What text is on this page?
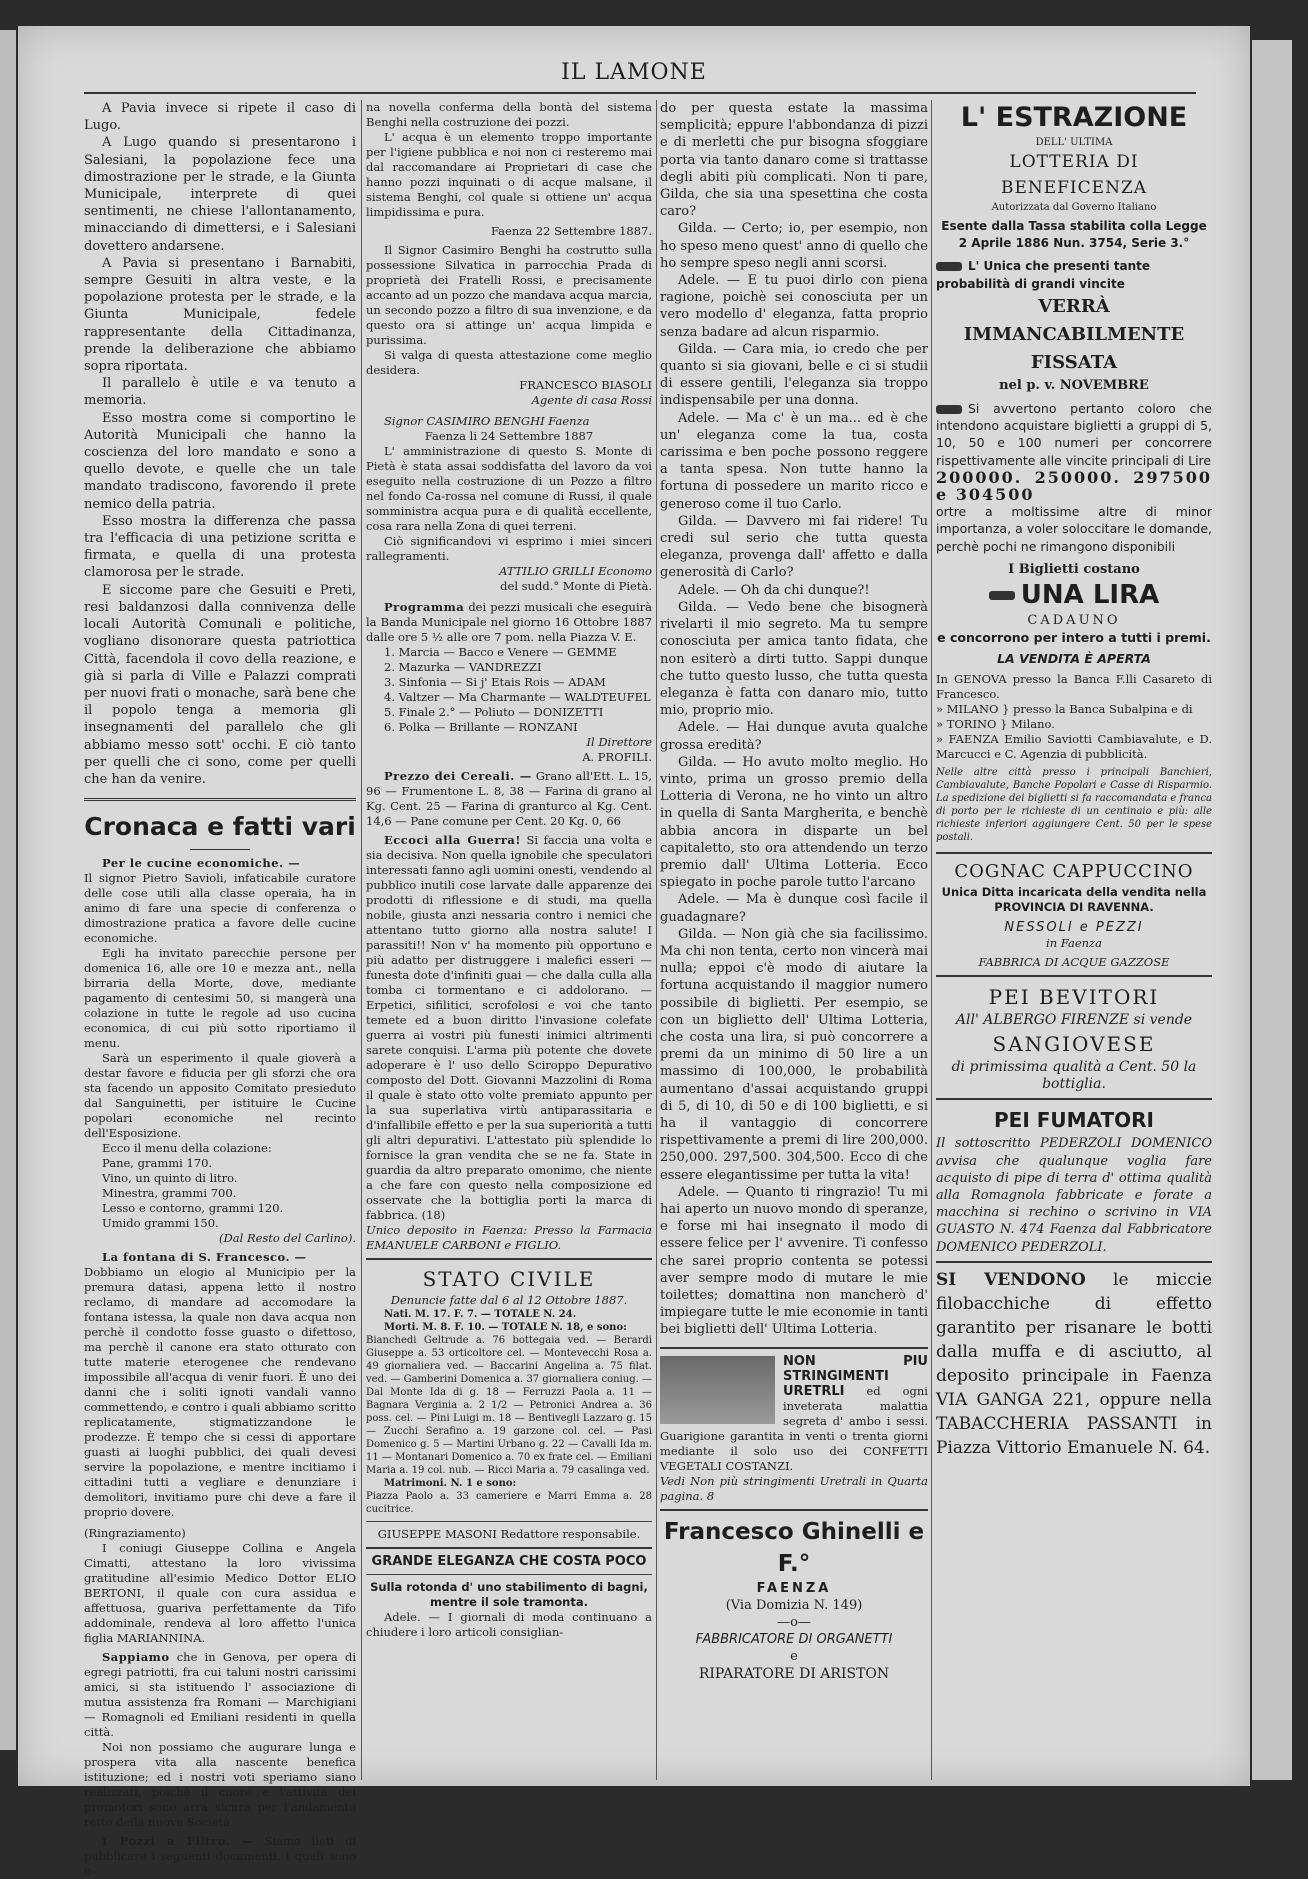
IL LAMONE

A Pavia invece si ripete il caso di Lugo.

A Lugo quando si presentarono i Salesiani, la popolazione fece una dimostrazione per le strade, e la Giunta Municipale, interprete di quei sentimenti, ne chiese l'allontanamento, minacciando di dimettersi, e i Salesiani dovettero andarsene.

A Pavia si presentano i Barnabiti, sempre Gesuiti in altra veste, e la popolazione protesta per le strade, e la Giunta Municipale, fedele rappresentante della Cittadinanza, prende la deliberazione che abbiamo sopra riportata.

Il parallelo è utile e va tenuto a memoria.

Esso mostra come si comportino le Autorità Municipali che hanno la coscienza del loro mandato e sono a quello devote, e quelle che un tale mandato tradiscono, favorendo il prete nemico della patria.

Esso mostra la differenza che passa tra l'efficacia di una petizione scritta e firmata, e quella di una protesta clamorosa per le strade.

E siccome pare che Gesuiti e Preti, resi baldanzosi dalla connivenza delle locali Autorità Comunali e politiche, vogliano disonorare questa patriottica Città, facendola il covo della reazione, e già si parla di Ville e Palazzi comprati per nuovi frati o monache, sarà bene che il popolo tenga a memoria gli insegnamenti del parallelo che gli abbiamo messo sott' occhi. E ciò tanto per quelli che ci sono, come per quelli che han da venire.

Cronaca e fatti vari

Per le cucine economiche. —

Il signor Pietro Savioli, infaticabile curatore delle cose utili alla classe operaia, ha in animo di fare una specie di conferenza o dimostrazione pratica a favore delle cucine economiche.

Egli ha invitato parecchie persone per domenica 16, alle ore 10 e mezza ant., nella birraria della Morte, dove, mediante pagamento di centesimi 50, si mangerà una colazione in tutte le regole ad uso cucina economica, di cui più sotto riportiamo il menu.

Sarà un esperimento il quale gioverà a destar favore e fiducia per gli sforzi che ora sta facendo un apposito Comitato presieduto dal Sanguinetti, per istituire le Cucine popolari economiche nel recinto dell'Esposizione.

Ecco il menu della colazione:

Pane, grammi 170.

Vino, un quinto di litro.

Minestra, grammi 700.

Lesso e contorno, grammi 120.

Umido grammi 150.

(Dal Resto del Carlino).

La fontana di S. Francesco. —

Dobbiamo un elogio al Municipio per la premura datasi, appena letto il nostro reclamo, di mandare ad accomodare la fontana istessa, la quale non dava acqua non perchè il condotto fosse guasto o difettoso, ma perchè il canone era stato otturato con tutte materie eterogenee che rendevano impossibile all'acqua di venir fuori. È uno dei danni che i soliti ignoti vandali vanno commettendo, e contro i quali abbiamo scritto replicatamente, stigmatizzandone le prodezze. È tempo che si cessi di apportare guasti ai luoghi pubblici, dei quali devesi servire la popolazione, e mentre incitiamo i cittadini tutti a vegliare e denunziare i demolitori, invitiamo pure chi deve a fare il proprio dovere.

(Ringraziamento)

I coniugi Giuseppe Collina e Angela Cimatti, attestano la loro vivissima gratitudine all'esimio Medico Dottor ELIO BERTONI, il quale con cura assidua e affettuosa, guariva perfettamente da Tifo addominale, rendeva al loro affetto l'unica figlia MARIANNINA.

Sappiamo che in Genova, per opera di egregi patriotti, fra cui taluni nostri carissimi amici, si sta istituendo l' associazione di mutua assistenza fra Romani — Marchigiani — Romagnoli ed Emiliani residenti in quella città.

Noi non possiamo che augurare lunga e prospera vita alla nascente benefica istituzione; ed i nostri voti speriamo siano realizzati, poichè il cuore e l'attività dei promotori sono arra sicura per l'andamento retto della nuova Società.

I Pozzi a Filtro. — Siamo lieti di pubblicare i seguenti documenti, i quali sono u-

na novella conferma della bontà del sistema Benghi nella costruzione dei pozzi.

L' acqua è un elemento troppo importante per l'igiene pubblica e noi non ci resteremo mai dal raccomandare ai Proprietari di case che hanno pozzi inquinati o di acque malsane, il sistema Benghi, col quale si ottiene un' acqua limpidissima e pura.

Faenza 22 Settembre 1887.

Il Signor Casimiro Benghi ha costrutto sulla possessione Silvatica in parrocchia Prada di proprietà dei Fratelli Rossi, e precisamente accanto ad un pozzo che mandava acqua marcia, un secondo pozzo a filtro di sua invenzione, e da questo ora si attinge un' acqua limpida e purissima.

Si valga di questa attestazione come meglio desidera.

FRANCESCO BIASOLI

Agente di casa Rossi

Signor CASIMIRO BENGHI Faenza

Faenza li 24 Settembre 1887

L' amministrazione di questo S. Monte di Pietà è stata assai soddisfatta del lavoro da voi eseguito nella costruzione di un Pozzo a filtro nel fondo Ca-rossa nel comune di Russi, il quale somministra acqua pura e di qualità eccellente, cosa rara nella Zona di quei terreni.

Ciò significandovi vi esprimo i miei sinceri rallegramenti.

ATTILIO GRILLI Economo

del sudd.° Monte di Pietà.

Programma dei pezzi musicali che eseguirà la Banda Municipale nel giorno 16 Ottobre 1887 dalle ore 5 ½ alle ore 7 pom. nella Piazza V. E.

1. Marcia — Bacco e Venere — GEMME

2. Mazurka — VANDREZZI

3. Sinfonia — Si j' Etais Rois — ADAM

4. Valtzer — Ma Charmante — WALDTEUFEL

5. Finale 2.° — Poliuto — DONIZETTI

6. Polka — Brillante — RONZANI

Il Direttore

A. PROFILI.

Prezzo dei Cereali. — Grano all'Ett. L. 15, 96 — Frumentone L. 8, 38 — Farina di grano al Kg. Cent. 25 — Farina di granturco al Kg. Cent. 14,6 — Pane comune per Cent. 20 Kg. 0, 66

Eccoci alla Guerra! Si faccia una volta e sia decisiva. Non quella ignobile che speculatori interessati fanno agli uomini onesti, vendendo al pubblico inutili cose larvate dalle apparenze dei prodotti di riflessione e di studi, ma quella nobile, giusta anzi nessaria contro i nemici che attentano tutto giorno alla nostra salute! I parassiti!! Non v' ha momento più opportuno e più adatto per distruggere i malefici esseri — funesta dote d'infiniti guai — che dalla culla alla tomba ci tormentano e ci addolorano. — Erpetici, sifilitici, scrofolosi e voi che tanto temete ed a buon diritto l'invasione colefate guerra ai vostri più funesti inimici altrimenti sarete conquisi. L'arma più potente che dovete adoperare è l' uso dello Sciroppo Depurativo composto del Dott. Giovanni Mazzolini di Roma il quale è stato otto volte premiato appunto per la sua superlativa virtù antiparassitaria e d'infallibile effetto e per la sua superiorità a tutti gli altri depurativi. L'attestato più splendide lo fornisce la gran vendita che se ne fa. State in guardia da altro preparato omonimo, che niente a che fare con questo nella composizione ed osservate che la bottiglia porti la marca di fabbrica. (18)

Unico deposito in Faenza: Presso la Farmacia EMANUELE CARBONI e FIGLIO.

STATO CIVILE

Denuncie fatte dal 6 al 12 Ottobre 1887.

Nati. M. 17. F. 7. — TOTALE N. 24.

Morti. M. 8. F. 10. — TOTALE N. 18, e sono:

Bianchedi Geltrude a. 76 bottegaia ved. — Berardi Giuseppe a. 53 orticoltore cel. — Montevecchi Rosa a. 49 giornaliera ved. — Baccarini Angelina a. 75 filat. ved. — Gamberini Domenica a. 37 giornaliera coniug. — Dal Monte Ida di g. 18 — Ferruzzi Paola a. 11 — Bagnara Verginia a. 2 1/2 — Petronici Andrea a. 36 poss. cel. — Pini Luigi m. 18 — Bentivegli Lazzaro g. 15 — Zucchi Serafino a. 19 garzone col. cel. — Pasi Domenico g. 5 — Martini Urbano g. 22 — Cavalli Ida m. 11 — Montanari Domenico a. 70 ex frate cel. — Emiliani Maria a. 19 col. nub. — Ricci Maria a. 79 casalinga ved.

Matrimoni. N. 1 e sono:

Piazza Paolo a. 33 cameriere e Marri Emma a. 28 cucitrice.

GIUSEPPE MASONI Redattore responsabile.

GRANDE ELEGANZA CHE COSTA POCO

Sulla rotonda d' uno stabilimento di bagni, mentre il sole tramonta.

Adele. — I giornali di moda continuano a chiudere i loro articoli consiglian-

do per questa estate la massima semplicità; eppure l'abbondanza di pizzi e di merletti che pur bisogna sfoggiare porta via tanto danaro come si trattasse degli abiti più complicati. Non ti pare, Gilda, che sia una spesettina che costa caro?

Gilda. — Certo; io, per esempio, non ho speso meno quest' anno di quello che ho sempre speso negli anni scorsi.

Adele. — E tu puoi dirlo con piena ragione, poichè sei conosciuta per un vero modello d' eleganza, fatta proprio senza badare ad alcun risparmio.

Gilda. — Cara mia, io credo che per quanto si sia giovani, belle e ci si studii di essere gentili, l'eleganza sia troppo indispensabile per una donna.

Adele. — Ma c' è un ma... ed è che un' eleganza come la tua, costa carissima e ben poche possono reggere a tanta spesa. Non tutte hanno la fortuna di possedere un marito ricco e generoso come il tuo Carlo.

Gilda. — Davvero mi fai ridere! Tu credi sul serio che tutta questa eleganza, provenga dall' affetto e dalla generosità di Carlo?

Adele. — Oh da chi dunque?!

Gilda. — Vedo bene che bisognerà rivelarti il mio segreto. Ma tu sempre conosciuta per amica tanto fidata, che non esiterò a dirti tutto. Sappi dunque che tutto questo lusso, che tutta questa eleganza è fatta con danaro mio, tutto mio, proprio mio.

Adele. — Hai dunque avuta qualche grossa eredità?

Gilda. — Ho avuto molto meglio. Ho vinto, prima un grosso premio della Lotteria di Verona, ne ho vinto un altro in quella di Santa Margherita, e benchè abbia ancora in disparte un bel capitaletto, sto ora attendendo un terzo premio dall' Ultima Lotteria. Ecco spiegato in poche parole tutto l'arcano

Adele. — Ma è dunque così facile il guadagnare?

Gilda. — Non già che sia facilissimo. Ma chi non tenta, certo non vincerà mai nulla; eppoi c'è modo di aiutare la fortuna acquistando il maggior numero possibile di biglietti. Per esempio, se con un biglietto dell' Ultima Lotteria, che costa una lira, si può concorrere a premi da un minimo di 50 lire a un massimo di 100,000, le probabilità aumentano d'assai acquistando gruppi di 5, di 10, di 50 e di 100 biglietti, e si ha il vantaggio di concorrere rispettivamente a premi di lire 200,000. 250,000. 297,500. 304,500. Ecco di che essere elegantissime per tutta la vita!

Adele. — Quanto ti ringrazio! Tu mi hai aperto un nuovo mondo di speranze, e forse mi hai insegnato il modo di essere felice per l' avvenire. Ti confesso che sarei proprio contenta se potessi aver sempre modo di mutare le mie toilettes; domattina non mancherò d' impiegare tutte le mie economie in tanti bei biglietti dell' Ultima Lotteria.

NON PIU STRINGIMENTI URETRLI ed ogni inveterata malattia segreta d' ambo i sessi. Guarigione garantita in venti o trenta giorni mediante il solo uso dei CONFETTI VEGETALI COSTANZI.

Vedi Non più stringimenti Uretrali in Quarta pagina. 8

Francesco Ghinelli e F.°
FAENZA
(Via Domizia N. 149)
—o—
FABBRICATORE DI ORGANETTI
e
RIPARATORE DI ARISTON
L' ESTRAZIONE
DELL' ULTIMA
LOTTERIA DI BENEFICENZA
Autorizzata dal Governo Italiano
Esente dalla Tassa stabilita colla Legge 2 Aprile 1886 Nun. 3754, Serie 3.°

L' Unica che presenti tante probabilità di grandi vincite

VERRÀ IMMANCABILMENTE FISSATA
nel p. v. NOVEMBRE

Si avvertono pertanto coloro che intendono acquistare biglietti a gruppi di 5, 10, 50 e 100 numeri per concorrere rispettivamente alle vincite principali di Lire

200000. 250000. 297500 e 304500

ortre a moltissime altre di minor importanza, a voler soloccitare le domande, perchè pochi ne rimangono disponibili

I Biglietti costano
UNA LIRA
CADAUNO
e concorrono per intero a tutti i premi.
LA VENDITA È APERTA

In GENOVA presso la Banca F.lli Casareto di Francesco.

» MILANO } presso la Banca Subalpina e di

» TORINO } Milano.

» FAENZA Emilio Saviotti Cambiavalute, e D. Marcucci e C. Agenzia di pubblicità.

Nelle altre città presso i principali Banchieri, Cambiavalute, Banche Popolari e Casse di Risparmio. La spedizione dei biglietti si fa raccomandata e franca di porto per le richieste di un centinaio e più: alle richieste inferiori aggiungere Cent. 50 per le spese postali.

COGNAC CAPPUCCINO
Unica Ditta incaricata della vendita nella PROVINCIA DI RAVENNA.
NESSOLI e PEZZI
in Faenza
FABBRICA DI ACQUE GAZZOSE
PEI BEVITORI
All' ALBERGO FIRENZE si vende
SANGIOVESE
di primissima qualità a Cent. 50 la bottiglia.
PEI FUMATORI

Il sottoscritto PEDERZOLI DOMENICO avvisa che qualunque voglia fare acquisto di pipe di terra d' ottima qualità alla Romagnola fabbricate e forate a macchina si rechino o scrivino in VIA GUASTO N. 474 Faenza dal Fabbricatore DOMENICO PEDERZOLI.

SI VENDONO le miccie filobacchiche di effetto garantito per risanare le botti dalla muffa e di asciutto, al deposito principale in Faenza VIA GANGA 221, oppure nella TABACCHERIA PASSANTI in Piazza Vittorio Emanuele N. 64.
